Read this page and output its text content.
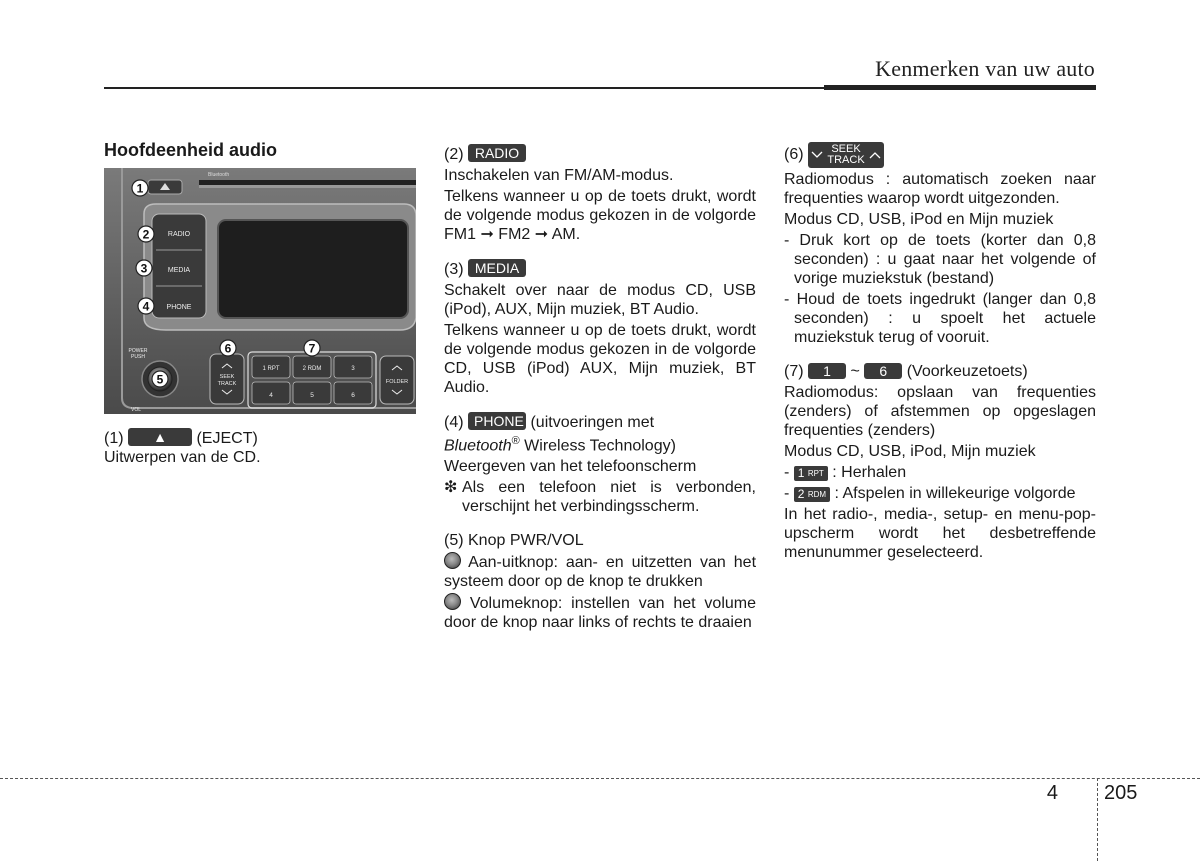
Kenmerken van uw auto
Hoofdeenheid audio
Bluetooth
RADIO
MEDIA
PHONE
POWER
PUSH
VOL
SEEK
TRACK
1 RPT	2 RDM	3
4	5	6
FOLDER
1
2
3
4
5
6	7

(1) ▲ (EJECT)

Uitwerpen van de CD.

(2) RADIO

Inschakelen van FM/AM-modus.

Telkens wanneer u op de toets drukt, wordt de volgende modus gekozen in de volgorde FM1 ➞ FM2 ➞ AM.

(3) MEDIA

Schakelt over naar de modus CD, USB (iPod), AUX, Mijn muziek, BT Audio.

Telkens wanneer u op de toets drukt, wordt de volgende modus gekozen in de volgorde CD, USB (iPod) AUX, Mijn muziek, BT Audio.

(4) PHONE (uitvoeringen met

Bluetooth® Wireless Technology)

Weergeven van het telefoonscherm

❇ Als een telefoon niet is verbonden, verschijnt het verbindingsscherm.

(5) Knop PWR/VOL

Aan-uitknop: aan- en uitzetten van het systeem door op de knop te drukken

Volumeknop: instellen van het volume door de knop naar links of rechts te draaien

(6)	SEEK
TRACK

Radiomodus : automatisch zoeken naar frequenties waarop wordt uitgezonden.

Modus CD, USB, iPod en Mijn muziek

- Druk kort op de toets (korter dan 0,8 seconden) : u gaat naar het volgende of vorige muziekstuk (bestand)

- Houd de toets ingedrukt (langer dan 0,8 seconden) : u spoelt het actuele muziekstuk terug of vooruit.

(7) 1 ~ 6 (Voorkeuzetoets)

Radiomodus: opslaan van frequenties (zenders) of afstemmen op opgeslagen frequenties (zenders)

Modus CD, USB, iPod, Mijn muziek

- 1 $_{RPT}$ : Herhalen

- 2 $_{RDM}$ : Afspelen in willekeurige volgorde

In het radio-, media-, setup- en menu-pop-upscherm wordt het desbetreffende menunummer geselecteerd.

4 205
